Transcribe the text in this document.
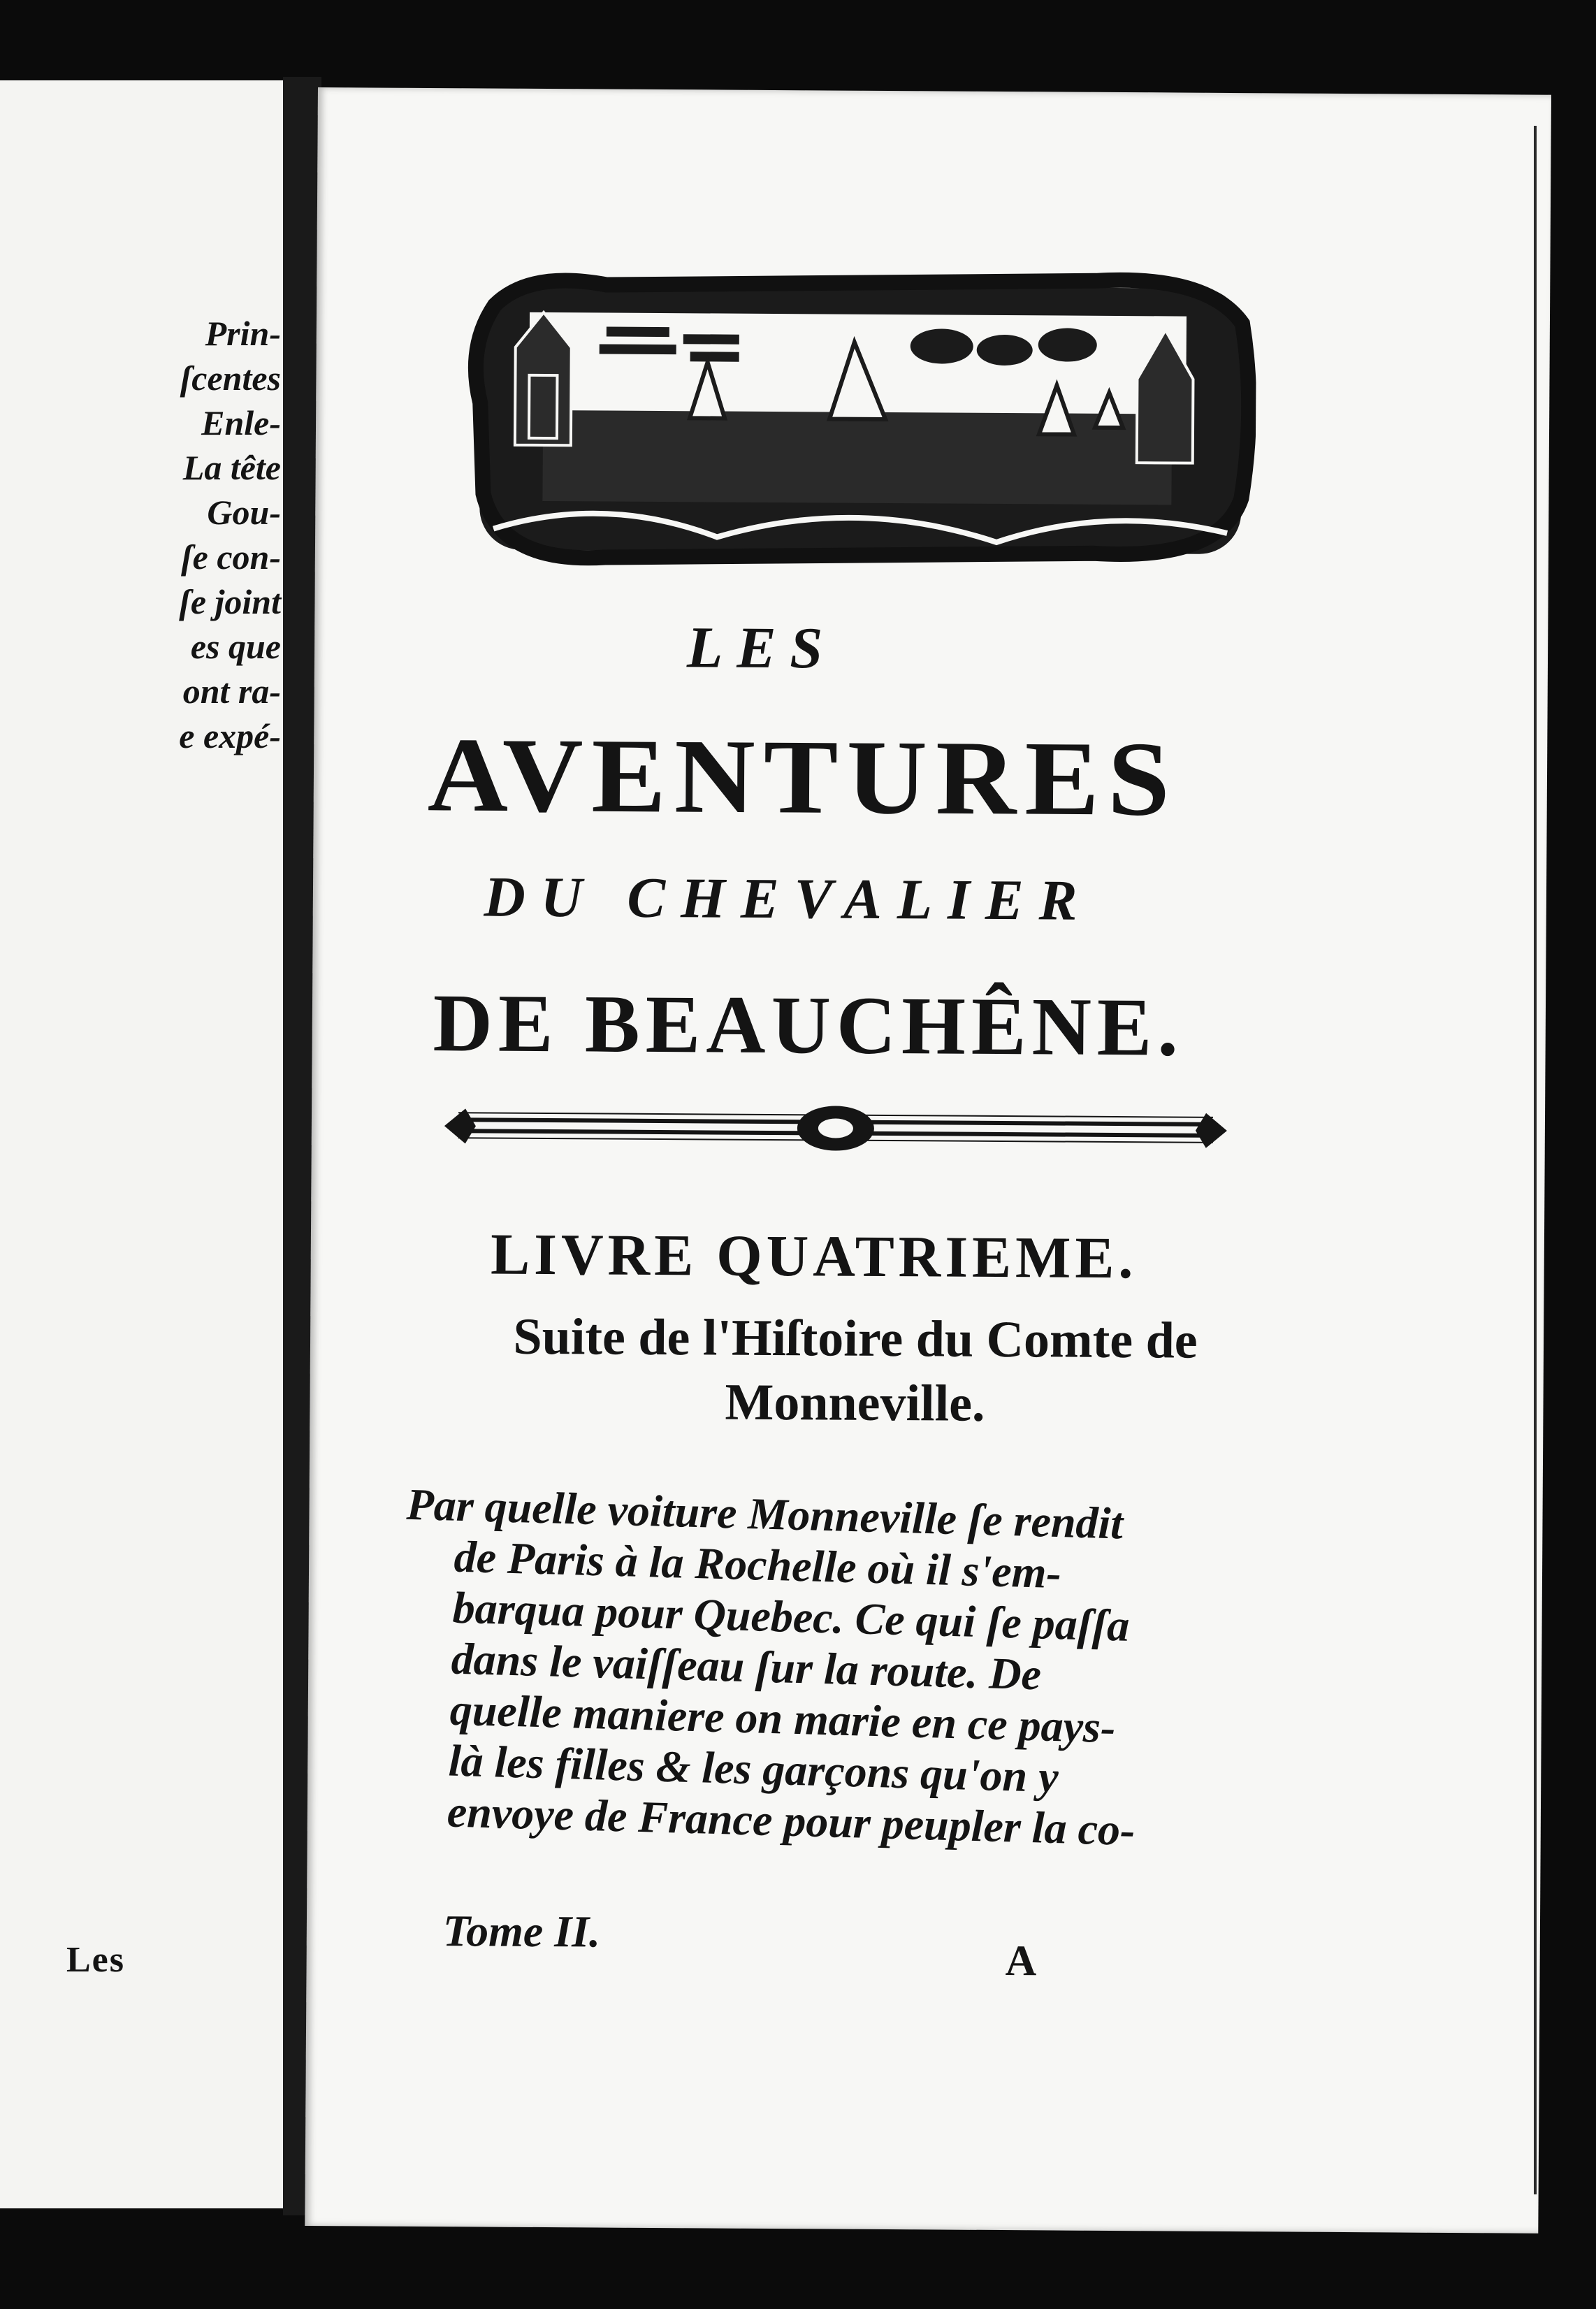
Prin-
ſcentes
Enle-
La tête
Gou-
ſe con-
ſe joint
es que
ont ra-
e expé-
Les
LES
AVENTURES
DU CHEVALIER
DE BEAUCHÊNE.
LIVRE QUATRIEME.
Suite de l'Hiſtoire du Comte de
Monneville.
Par quelle voiture Monneville ſe rendit
de Paris à la Rochelle où il s'em-
barqua pour Quebec. Ce qui ſe paſſa
dans le vaiſſeau ſur la route. De
quelle maniere on marie en ce pays-
là les filles & les garçons qu'on y
envoye de France pour peupler la co-
Tome II.
A
